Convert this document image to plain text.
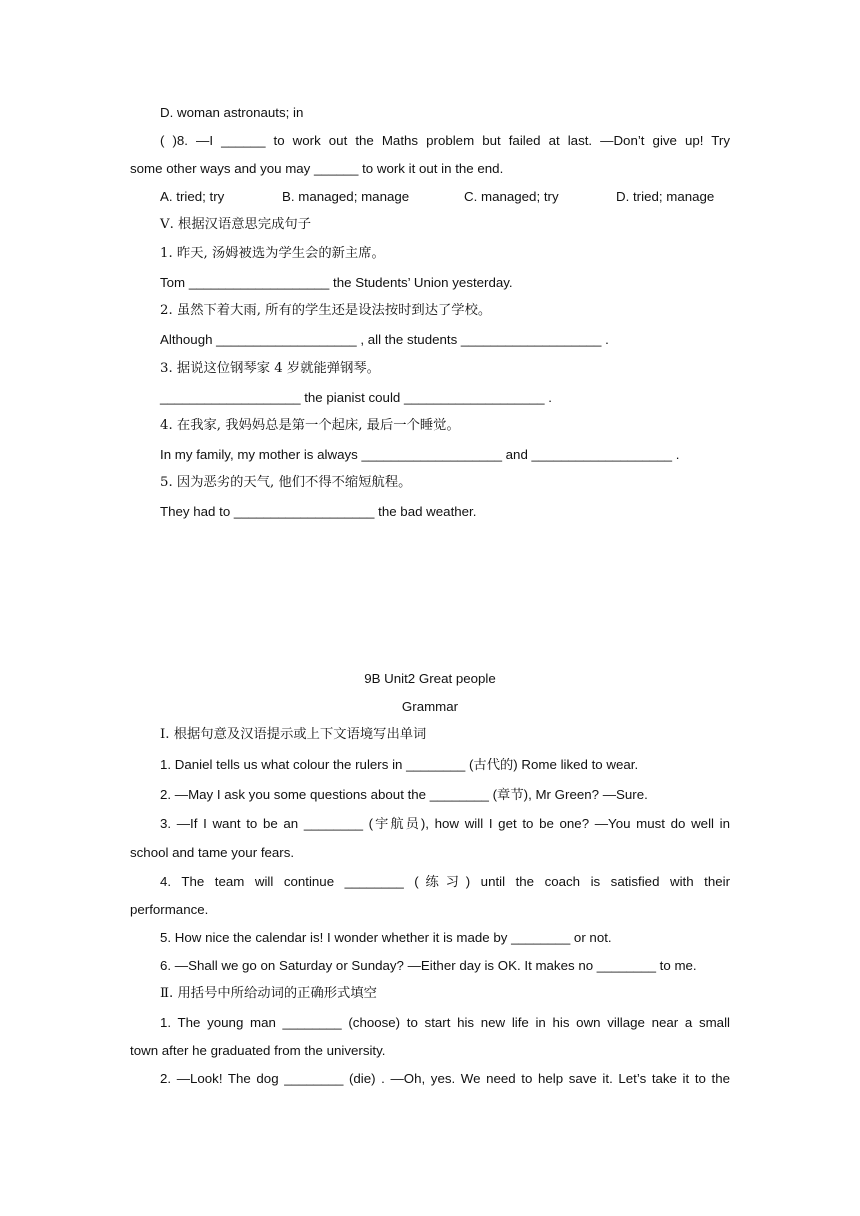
D. woman astronauts; in
( )8. —I ______ to work out the Maths problem but failed at last. —Don’t give up! Try
some other ways and you may ______ to work it out in the end.
A. tried; try	B. managed; manage	C. managed; try	D. tried; manage
Ⅴ. 根据汉语意思完成句子
1. 昨天, 汤姆被选为学生会的新主席。
Tom ___________________ the Students’ Union yesterday.
2. 虽然下着大雨, 所有的学生还是设法按时到达了学校。
Although ___________________ , all the students ___________________ .
3. 据说这位钢琴家 4 岁就能弹钢琴。
___________________ the pianist could ___________________ .
4. 在我家, 我妈妈总是第一个起床, 最后一个睡觉。
In my family, my mother is always ___________________ and ___________________ .
5. 因为恶劣的天气, 他们不得不缩短航程。
They had to ___________________ the bad weather.
9B Unit2 Great people
Grammar
Ⅰ. 根据句意及汉语提示或上下文语境写出单词
1. Daniel tells us what colour the rulers in ________ (古代的) Rome liked to wear.
2. —May I ask you some questions about the ________ (章节), Mr Green? —Sure.
3. —If I want to be an ________ (宇航员), how will I get to be one? —You must do well in
school and tame your fears.
4. The team will continue ________ (练习) until the coach is satisfied with their
performance.
5. How nice the calendar is! I wonder whether it is made by ________ or not.
6. —Shall we go on Saturday or Sunday? —Either day is OK. It makes no ________ to me.
Ⅱ. 用括号中所给动词的正确形式填空
1. The young man ________ (choose) to start his new life in his own village near a small
town after he graduated from the university.
2. —Look! The dog ________ (die) . —Oh, yes. We need to help save it. Let’s take it to the
